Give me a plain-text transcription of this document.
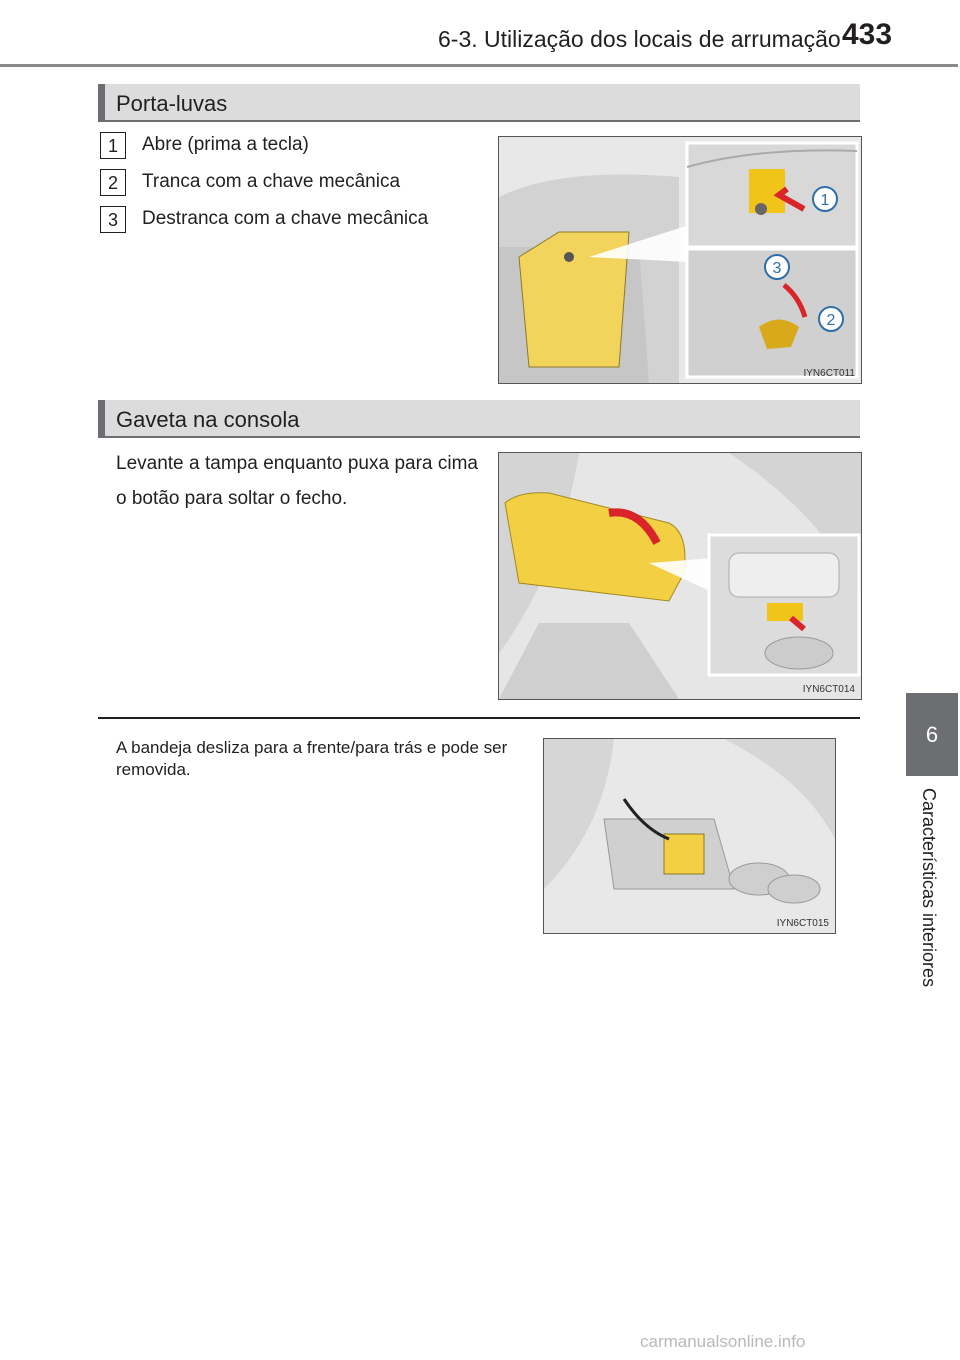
6-3. Utilização dos locais de arrumação 433
Porta-luvas
1	Abre (prima a tecla)
2	Tranca com a chave mecânica
3	Destranca com a chave mecânica
1
3
2
IYN6CT011
Gaveta na consola
Levante a tampa enquanto puxa para cima o botão para soltar o fecho.
IYN6CT014
A bandeja desliza para a frente/para trás e pode ser removida.
IYN6CT015
6
Características interiores
carmanualsonline.info
